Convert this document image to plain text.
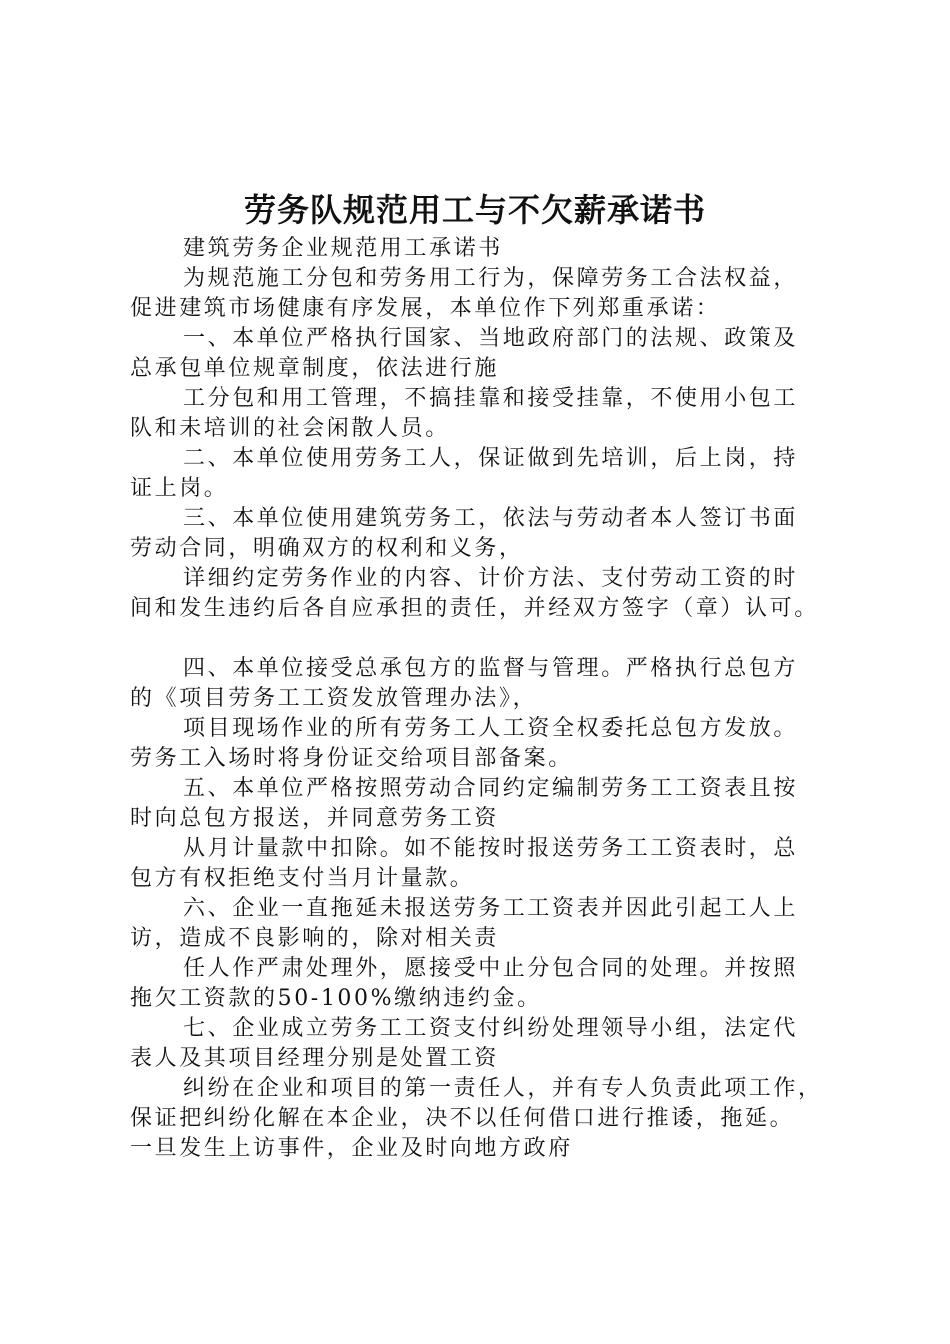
劳务队规范用工与不欠薪承诺书
建筑劳务企业规范用工承诺书
为规范施工分包和劳务用工行为，保障劳务工合法权益，
促进建筑市场健康有序发展，本单位作下列郑重承诺：
一、本单位严格执行国家、当地政府部门的法规、政策及
总承包单位规章制度，依法进行施
工分包和用工管理，不搞挂靠和接受挂靠，不使用小包工
队和未培训的社会闲散人员。
二、本单位使用劳务工人，保证做到先培训，后上岗，持
证上岗。
三、本单位使用建筑劳务工，依法与劳动者本人签订书面
劳动合同，明确双方的权利和义务，
详细约定劳务作业的内容、计价方法、支付劳动工资的时
间和发生违约后各自应承担的责任，并经双方签字（章）认可。
四、本单位接受总承包方的监督与管理。严格执行总包方
的《项目劳务工工资发放管理办法》，
项目现场作业的所有劳务工人工资全权委托总包方发放。
劳务工入场时将身份证交给项目部备案。
五、本单位严格按照劳动合同约定编制劳务工工资表且按
时向总包方报送，并同意劳务工资
从月计量款中扣除。如不能按时报送劳务工工资表时，总
包方有权拒绝支付当月计量款。
六、企业一直拖延未报送劳务工工资表并因此引起工人上
访，造成不良影响的，除对相关责
任人作严肃处理外，愿接受中止分包合同的处理。并按照
拖欠工资款的50-100%缴纳违约金。
七、企业成立劳务工工资支付纠纷处理领导小组，法定代
表人及其项目经理分别是处置工资
纠纷在企业和项目的第一责任人，并有专人负责此项工作，
保证把纠纷化解在本企业，决不以任何借口进行推诿，拖延。
一旦发生上访事件，企业及时向地方政府
